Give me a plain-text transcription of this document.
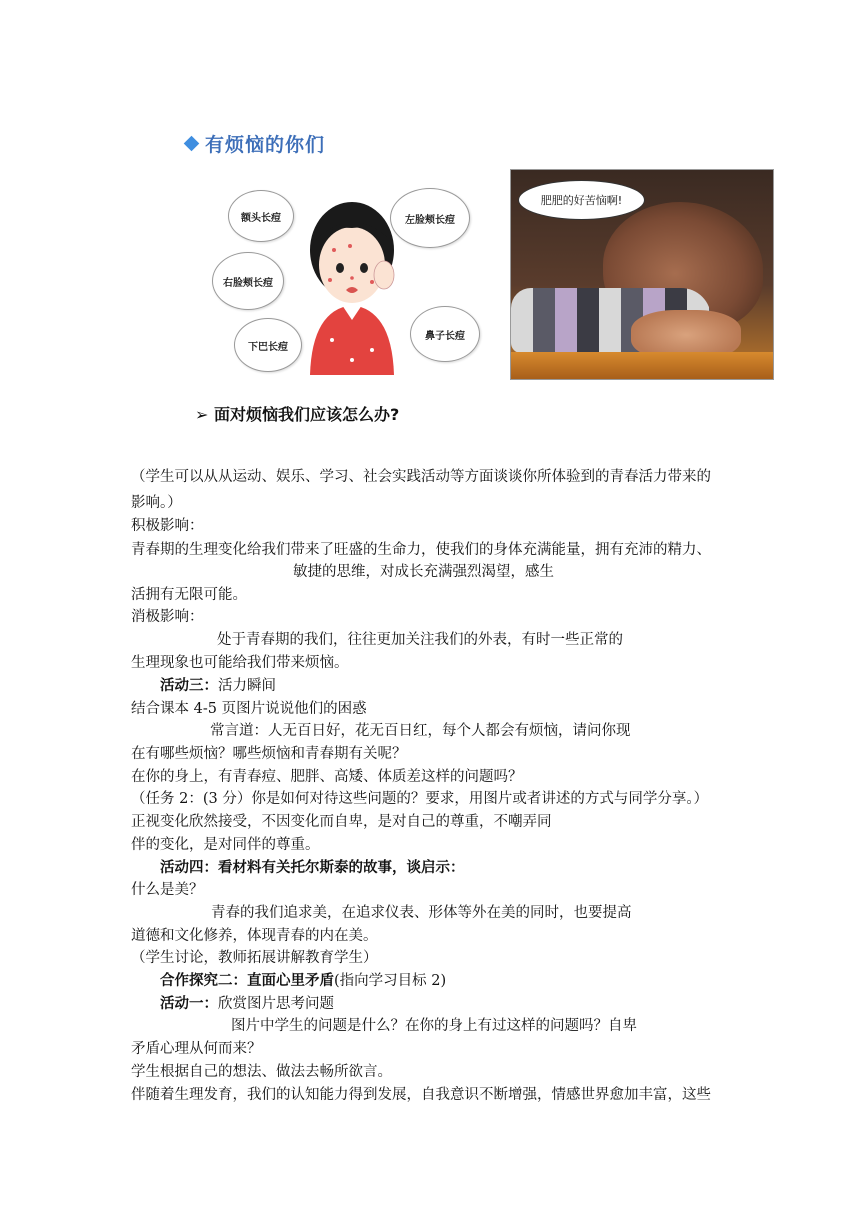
有烦恼的你们
额头长痘	左脸颊长痘
右脸颊长痘
下巴长痘
鼻子长痘
肥肥的好苦恼啊!
➢ 面对烦恼我们应该怎么办?
（学生可以从从运动、娱乐、学习、社会实践活动等方面谈谈你所体验到的青春活力带来的
影响。）
积极影响：
青春期的生理变化给我们带来了旺盛的生命力，使我们的身体充满能量，拥有充沛的精力、
敏捷的思维，对成长充满强烈渴望，感生
活拥有无限可能。
消极影响：
处于青春期的我们，往往更加关注我们的外表，有时一些正常的
生理现象也可能给我们带来烦恼。
活动三：活力瞬间
结合课本 4-5 页图片说说他们的困惑
常言道：人无百日好，花无百日红，每个人都会有烦恼，请问你现
在有哪些烦恼？哪些烦恼和青春期有关呢？
在你的身上，有青春痘、肥胖、高矮、体质差这样的问题吗？
（任务 2：(3 分）你是如何对待这些问题的？要求，用图片或者讲述的方式与同学分享。）
正视变化欣然接受，不因变化而自卑，是对自己的尊重，不嘲弄同
伴的变化，是对同伴的尊重。
活动四：看材料有关托尔斯泰的故事，谈启示：
什么是美？
青春的我们追求美，在追求仪表、形体等外在美的同时，也要提高
道德和文化修养，体现青春的内在美。
（学生讨论，教师拓展讲解教育学生）
合作探究二：直面心里矛盾(指向学习目标 2)
活动一：欣赏图片思考问题
图片中学生的问题是什么？在你的身上有过这样的问题吗？自卑
矛盾心理从何而来？
学生根据自己的想法、做法去畅所欲言。
伴随着生理发育，我们的认知能力得到发展，自我意识不断增强，情感世界愈加丰富，这些
